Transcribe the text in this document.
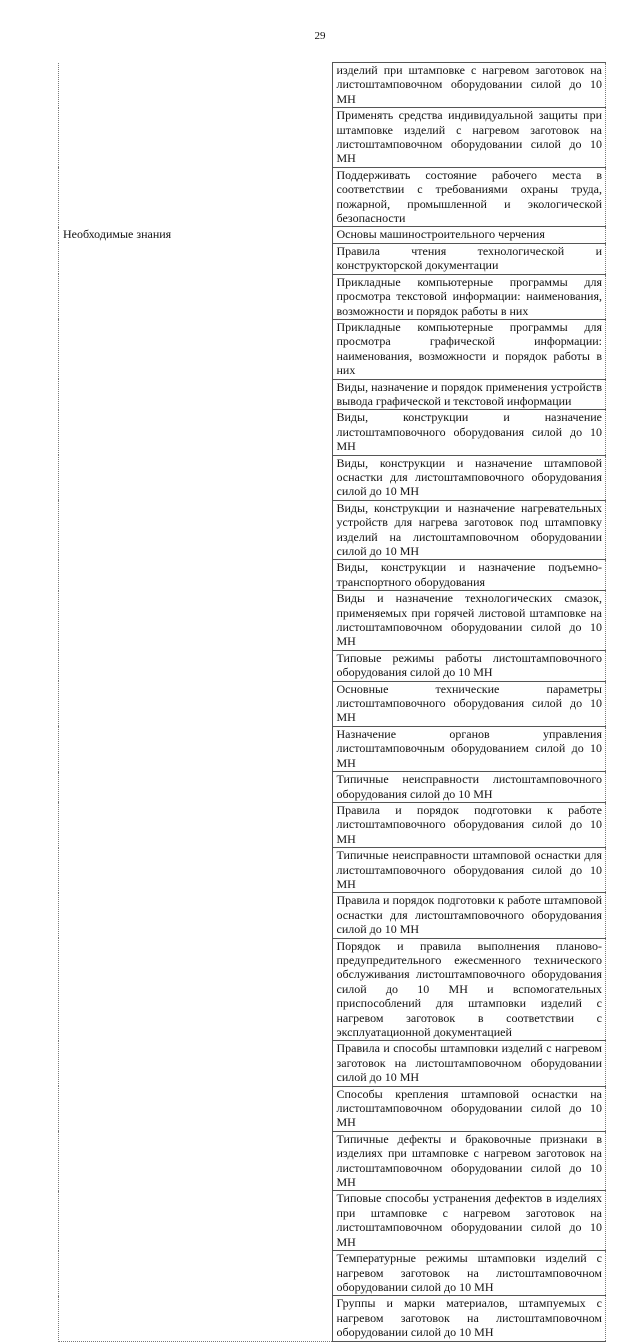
29
	изделий при штамповке с нагревом заготовок на листоштамповочном оборудовании силой до 10 МН
	Применять средства индивидуальной защиты при штамповке изделий с нагревом заготовок на листоштамповочном оборудовании силой до 10 МН
	Поддерживать состояние рабочего места в соответствии с требованиями охраны труда, пожарной, промышленной и экологической безопасности
Необходимые знания	Основы машиностроительного черчения
	Правила чтения технологической и конструкторской документации
	Прикладные компьютерные программы для просмотра текстовой информации: наименования, возможности и порядок работы в них
	Прикладные компьютерные программы для просмотра графической информации: наименования, возможности и порядок работы в них
	Виды, назначение и порядок применения устройств вывода графической и текстовой информации
	Виды, конструкции и назначение листоштамповочного оборудования силой до 10 МН
	Виды, конструкции и назначение штамповой оснастки для листоштамповочного оборудования силой до 10 МН
	Виды, конструкции и назначение нагревательных устройств для нагрева заготовок под штамповку изделий на листоштамповочном оборудовании силой до 10 МН
	Виды, конструкции и назначение подъемно-транспортного оборудования
	Виды и назначение технологических смазок, применяемых при горячей листовой штамповке на листоштамповочном оборудовании силой до 10 МН
	Типовые режимы работы листоштамповочного оборудования силой до 10 МН
	Основные технические параметры листоштамповочного оборудования силой до 10 МН
	Назначение органов управления листоштамповочным оборудованием силой до 10 МН
	Типичные неисправности листоштамповочного оборудования силой до 10 МН
	Правила и порядок подготовки к работе листоштамповочного оборудования силой до 10 МН
	Типичные неисправности штамповой оснастки для листоштамповочного оборудования силой до 10 МН
	Правила и порядок подготовки к работе штамповой оснастки для листоштамповочного оборудования силой до 10 МН
	Порядок и правила выполнения планово-предупредительного ежесменного технического обслуживания листоштамповочного оборудования силой до 10 МН и вспомогательных приспособлений для штамповки изделий с нагревом заготовок в соответствии с эксплуатационной документацией
	Правила и способы штамповки изделий с нагревом заготовок на листоштамповочном оборудовании силой до 10 МН
	Способы крепления штамповой оснастки на листоштамповочном оборудовании силой до 10 МН
	Типичные дефекты и браковочные признаки в изделиях при штамповке с нагревом заготовок на листоштамповочном оборудовании силой до 10 МН
	Типовые способы устранения дефектов в изделиях при штамповке с нагревом заготовок на листоштамповочном оборудовании силой до 10 МН
	Температурные режимы штамповки изделий с нагревом заготовок на листоштамповочном оборудовании силой до 10 МН
	Группы и марки материалов, штампуемых с нагревом заготовок на листоштамповочном оборудовании силой до 10 МН
